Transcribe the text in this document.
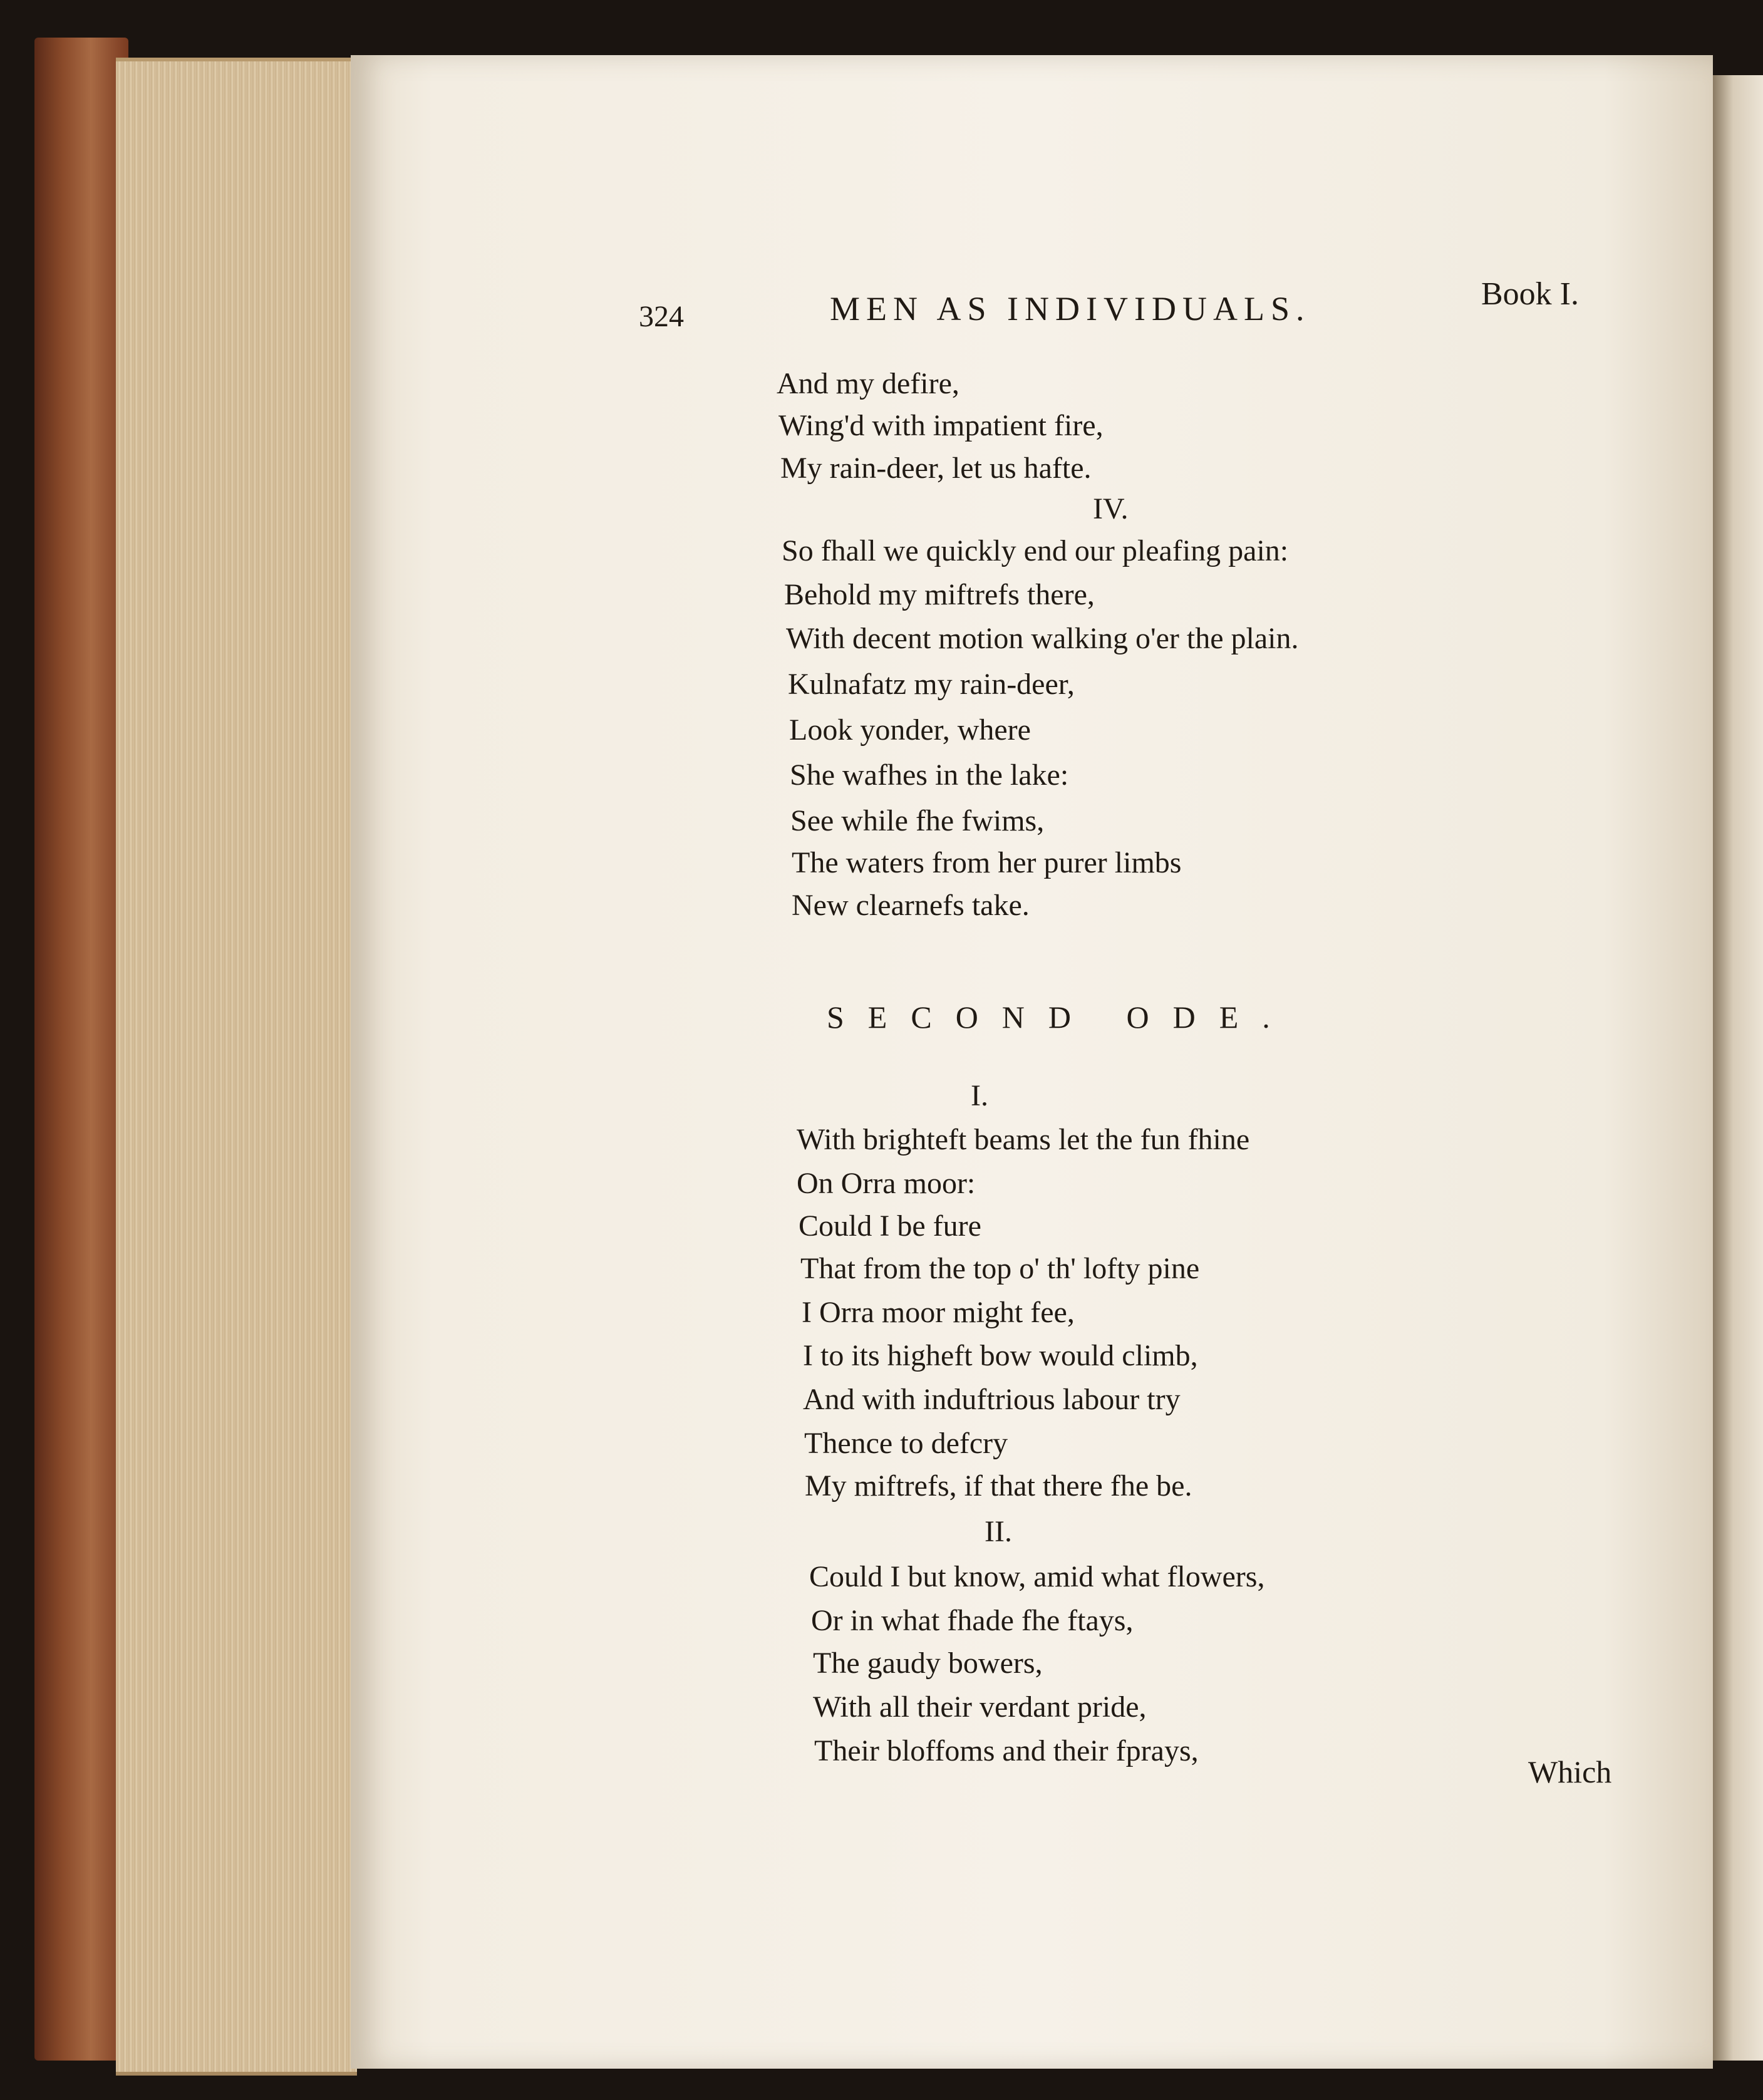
324	MEN AS INDIVIDUALS.	Book I.
And my defire,
Wing'd with impatient fire,
My rain-deer, let us hafte.
IV.
So fhall we quickly end our pleafing pain:
Behold my miftrefs there,
With decent motion walking o'er the plain.
Kulnafatz my rain-deer,
Look yonder, where
She wafhes in the lake:
See while fhe fwims,
The waters from her purer limbs
New clearnefs take.
SECOND ODE.
I.
With brighteft beams let the fun fhine
On Orra moor:
Could I be fure
That from the top o' th' lofty pine
I Orra moor might fee,
I to its higheft bow would climb,
And with induftrious labour try
Thence to defcry
My miftrefs, if that there fhe be.
II.
Could I but know, amid what flowers,
Or in what fhade fhe ftays,
The gaudy bowers,
With all their verdant pride,
Their bloffoms and their fprays,
Which
